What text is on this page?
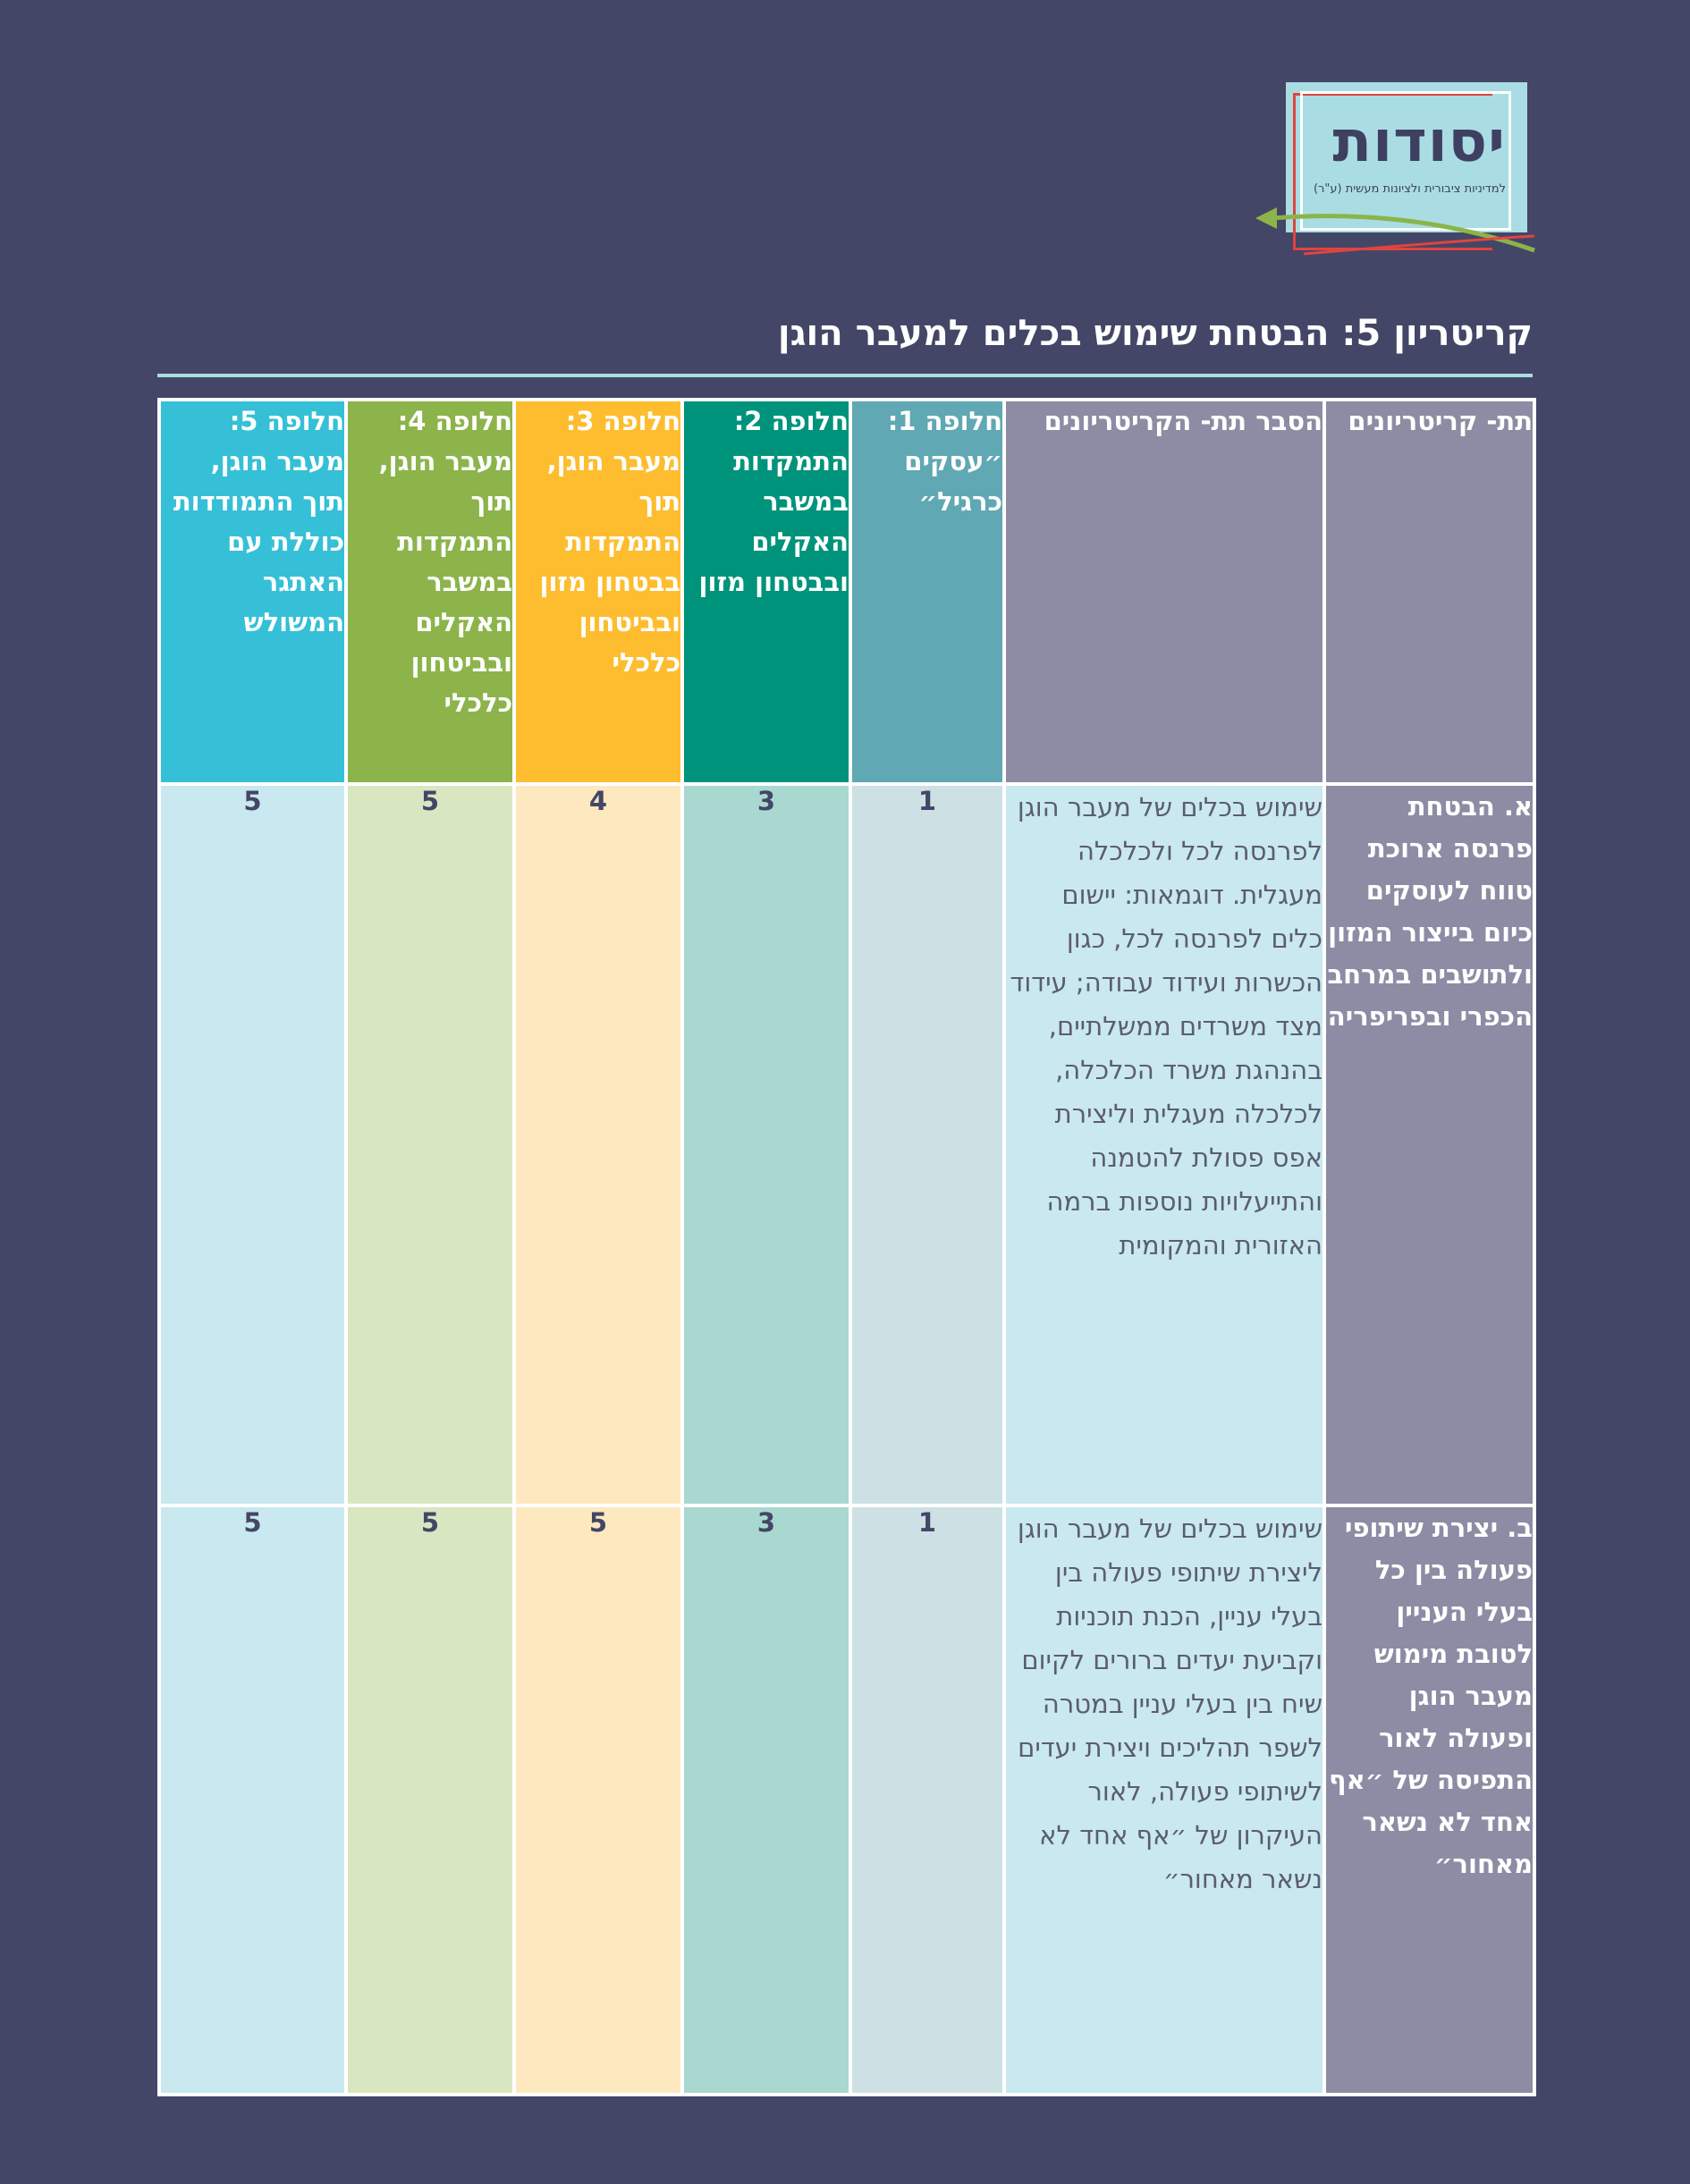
יסודות
למדיניות ציבורית ולציונות מעשית (ע"ר)
קריטריון 5: הבטחת שימוש בכלים למעבר הוגן
תת- קריטריונים	הסבר תת- הקריטריונים	חלופה 1: ״עסקים כרגיל״	חלופה 2: התמקדות במשבר האקלים ובבטחון מזון	חלופה 3: מעבר הוגן, תוך התמקדות בבטחון מזון ובביטחון כלכלי	חלופה 4: מעבר הוגן, תוך התמקדות במשבר האקלים ובביטחון כלכלי	חלופה 5: מעבר הוגן, תוך התמודדות כוללת עם האתגר המשולש
א. הבטחת פרנסה ארוכת טווח לעוסקים כיום בייצור המזון ולתושבים במרחב הכפרי ובפריפריה	שימוש בכלים של מעבר הוגן לפרנסה לכל ולכלכלה מעגלית. דוגמאות: יישום כלים לפרנסה לכל, כגון הכשרות ועידוד עבודה; עידוד מצד משרדים ממשלתיים, בהנהגת משרד הכלכלה, לכלכלה מעגלית וליצירת אפס פסולת להטמנה והתייעלויות נוספות ברמה האזורית והמקומית	1	3	4	5	5
ב. יצירת שיתופי פעולה בין כל בעלי העניין לטובת מימוש מעבר הוגן ופעולה לאור התפיסה של ״אף אחד לא נשאר מאחור״	שימוש בכלים של מעבר הוגן ליצירת שיתופי פעולה בין בעלי עניין, הכנת תוכניות וקביעת יעדים ברורים לקיום שיח בין בעלי עניין במטרה לשפר תהליכים ויצירת יעדים לשיתופי פעולה, לאור העיקרון של ״אף אחד לא נשאר מאחור״	1	3	5	5	5
